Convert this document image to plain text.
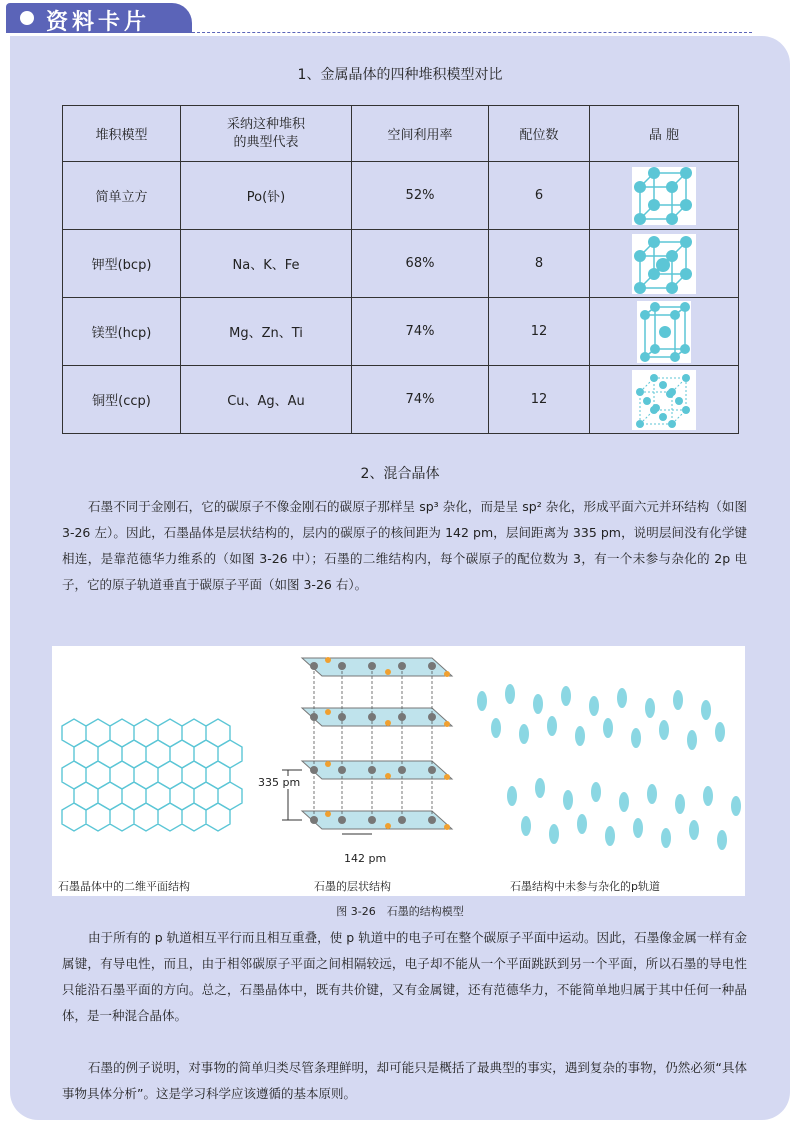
资料卡片
1、金属晶体的四种堆积模型对比
堆积模型	采纳这种堆积
的典型代表	空间利用率	配位数	晶 胞
简单立方	Po(钋)	52%	6	
钾型(bcp)	Na、K、Fe	68%	8	
镁型(hcp)	Mg、Zn、Ti	74%	12	
铜型(ccp)	Cu、Ag、Au	74%	12	
2、混合晶体
石墨不同于金刚石，它的碳原子不像金刚石的碳原子那样呈 sp³ 杂化，而是呈 sp² 杂化，形成平面六元并环结构（如图 3-26 左）。因此，石墨晶体是层状结构的，层内的碳原子的核间距为 142 pm，层间距离为 335 pm，说明层间没有化学键相连，是靠范德华力维系的（如图 3-26 中）；石墨的二维结构内，每个碳原子的配位数为 3，有一个未参与杂化的 2p 电子，它的原子轨道垂直于碳原子平面（如图 3-26 右）。
335 pm
142 pm
石墨晶体中的二维平面结构	石墨的层状结构	石墨结构中未参与杂化的p轨道
图 3-26　石墨的结构模型
由于所有的 p 轨道相互平行而且相互重叠，使 p 轨道中的电子可在整个碳原子平面中运动。因此，石墨像金属一样有金属键，有导电性，而且，由于相邻碳原子平面之间相隔较远，电子却不能从一个平面跳跃到另一个平面，所以石墨的导电性只能沿石墨平面的方向。总之，石墨晶体中，既有共价键，又有金属键，还有范德华力，不能简单地归属于其中任何一种晶体，是一种混合晶体。
石墨的例子说明，对事物的简单归类尽管条理鲜明，却可能只是概括了最典型的事实，遇到复杂的事物，仍然必须“具体事物具体分析”。这是学习科学应该遵循的基本原则。
